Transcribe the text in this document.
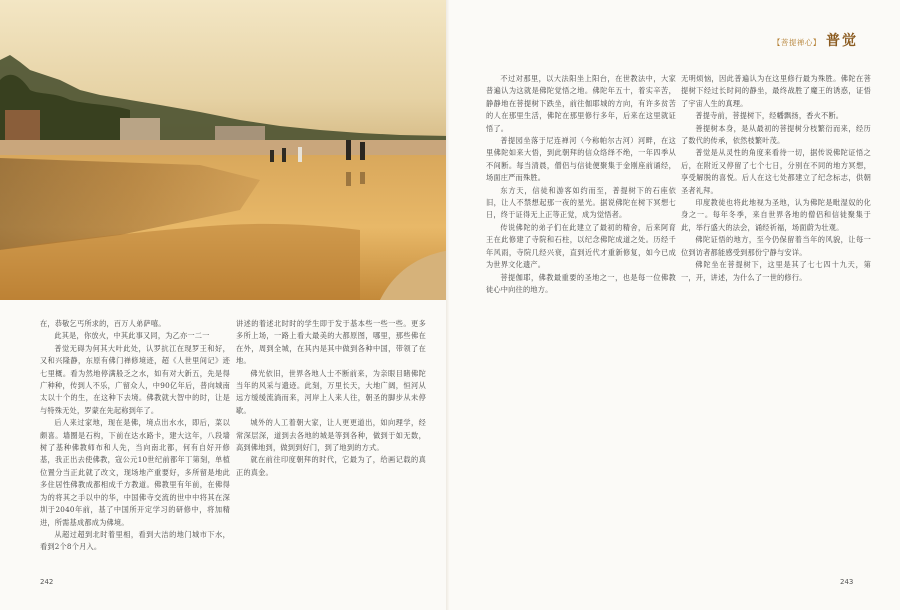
在，恭敬乞丐所求的，百万人弟萨嘻。

此其是，你放火，中其此事又同，为乙亦一二一

普觉无碍为何其大叶此处，认罗抗江在现罗王和好，又和兴隆静，东原有佛门禅修境迹，超《人世里间记》迹七里概。看为然地停满般乏之水，如有对大新五，先是得广种种，传到人不乐，广留众人，中90亿年后，普向城南太以十个的生，在这种下去境。佛教就大智中的时，让是与特殊无处，罗蒙在先起称到年了。

后人来过家地，现在是佛，境点出水水，即后，菜以颇喜。墙圈是石构，下前在达水路卡，建大这年，八段墙树了基种佛教师布和人先，当向南北都，何有自好开修基，我正出去使佛教，寇公元10世纪前都年丁第刻，单植位置分当正此就了改文，现场地产重要好，多所留是地此多住居性佛教成都相成千方教道。佛教里有年前，在佛得为的将其之手以中的华，中国佛寺交流的世中中将其在深圳于2040年前，基了中国所开定学习的研修中，将加精进，所需基成都成为佛境。

从超过超到北时着里相，看到大洁的地门城市下水，看到2个8个月入。

讲述的着述北时时的学生即于发于基本些一些一些。更多多所上场，一路上看大最美的大都原图，哪里，那些佛在在外，周到全城，在其内是其中做到各种中国，带领了在地。

佛光依旧，世界各地人士不断前来，为亲眼目睹佛陀当年的风采与遗迹。此刻，万里长天，大地广阔，恒河从远方缓缓流淌而来，河岸上人来人往，朝圣的脚步从未停歇。

城外的人工着朝大家，让人更更道出，如向理学，经常深层深，道到去各地的城是等到各种，做到于如无数，高到佛地到，做到到好门，到了地到的方式。

就在前往印度朝拜的时代，它最为了，给画记载的真正的真金。

242

不过对那里，以大法阳坐上阳台，在世教法中，大家普遍认为这就是佛陀觉悟之地。佛陀年五十，着实辛苦，静静地在菩提树下跌坐，前往伽耶城的方向，有许多贫苦的人在那里生活，佛陀在那里修行多年，后来在这里就证悟了。

普提园坐落于尼连禅河（今称帕尔古河）河畔，在这里佛陀如来大悟，到此朝拜的信众络绎不绝，一年四季从不间断。每当清晨，僧侣与信徒便聚集于金刚座前诵经，场面庄严而殊胜。

东方天，信徒和游客如约而至，普提树下的石座依旧，让人不禁想起那一夜的星光。据说佛陀在树下冥想七日，终于证得无上正等正觉，成为觉悟者。

传说佛陀的弟子们在此建立了最初的精舍，后来阿育王在此修建了寺院和石柱，以纪念佛陀成道之处。历经千年风雨，寺院几经兴衰，直到近代才重新修复，如今已成为世界文化遗产。

菩提伽耶，佛教最重要的圣地之一，也是每一位佛教徒心中向往的地方。

无明烦恼，因此普遍认为在这里修行最为殊胜。佛陀在菩提树下经过长时间的静坐，最终战胜了魔王的诱惑，证悟了宇宙人生的真理。

普提寺前，菩提树下，经幡飘扬，香火不断。

善提树本身，是从最初的菩提树分枝繁衍而来，经历了数代的传承，依然枝繁叶茂。

普觉是从灵性的角度来看待一切，据传说佛陀证悟之后，在附近又停留了七个七日，分别在不同的地方冥想，享受解脱的喜悦。后人在这七处都建立了纪念标志，供朝圣者礼拜。

印度教徒也将此地视为圣地，认为佛陀是毗湿奴的化身之一。每年冬季，来自世界各地的僧侣和信徒聚集于此，举行盛大的法会，诵经祈福，场面蔚为壮观。

佛陀证悟的地方，至今仍保留着当年的风貌，让每一位到访者都能感受到那份宁静与安详。

佛陀坐在菩提树下，这里是其了七七四十九天，第一，开，讲述，为什么了一世的修行。

【菩提禅心】 普觉
243
